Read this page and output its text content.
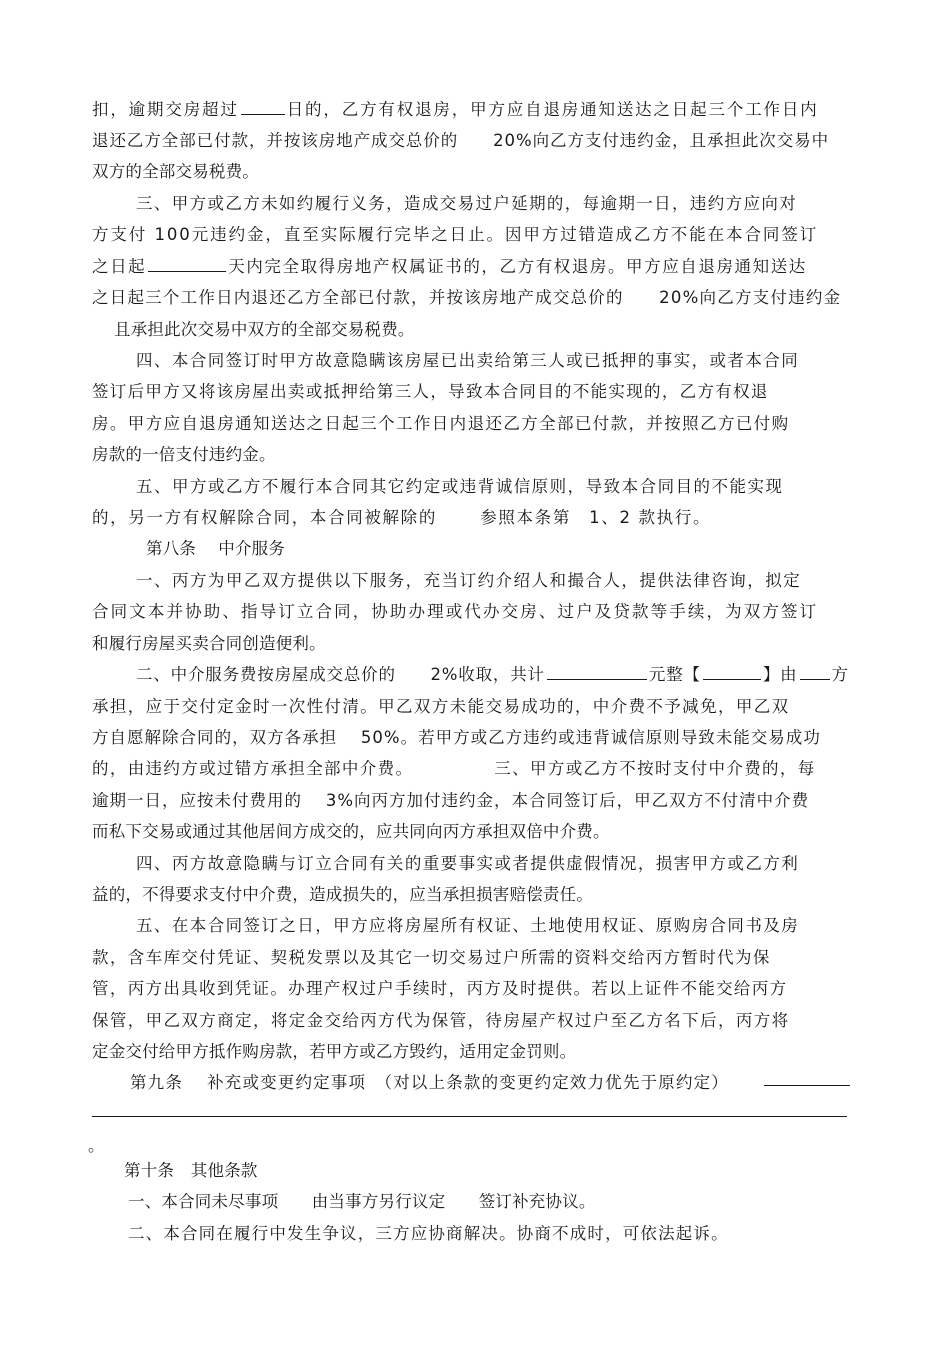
扣，逾期交房超过	日的，乙方有权退房，甲方应自退房通知送达之日起三个工作日内
退还乙方全部已付款，并按该房地产成交总价的　　20%向乙方支付违约金，且承担此次交易中
双方的全部交易税费。
三、甲方或乙方未如约履行义务，造成交易过户延期的，每逾期一日，违约方应向对
方支付 100元违约金，直至实际履行完毕之日止。因甲方过错造成乙方不能在本合同签订
之日起	天内完全取得房地产权属证书的，乙方有权退房。甲方应自退房通知送达
之日起三个工作日内退还乙方全部已付款，并按该房地产成交总价的　　20%向乙方支付违约金
且承担此次交易中双方的全部交易税费。
四、本合同签订时甲方故意隐瞒该房屋已出卖给第三人或已抵押的事实，或者本合同
签订后甲方又将该房屋出卖或抵押给第三人，导致本合同目的不能实现的，乙方有权退
房。甲方应自退房通知送达之日起三个工作日内退还乙方全部已付款，并按照乙方已付购
房款的一倍支付违约金。
五、甲方或乙方不履行本合同其它约定或违背诚信原则，导致本合同目的不能实现
的，另一方有权解除合同，本合同被解除的　　 参照本条第　1、2 款执行。
第八条　 中介服务
一、丙方为甲乙双方提供以下服务，充当订约介绍人和撮合人，提供法律咨询，拟定
合同文本并协助、指导订立合同，协助办理或代办交房、过户及贷款等手续，为双方签订
和履行房屋买卖合同创造便利。
二、中介服务费按房屋成交总价的　　2%收取，共计	元整【	】由 方
承担，应于交付定金时一次性付清。甲乙双方未能交易成功的，中介费不予减免，甲乙双
方自愿解除合同的，双方各承担　 50%。若甲方或乙方违约或违背诚信原则导致未能交易成功
的，由违约方或过错方承担全部中介费。　　　　　三、甲方或乙方不按时支付中介费的，每
逾期一日，应按未付费用的　 3%向丙方加付违约金，本合同签订后，甲乙双方不付清中介费
而私下交易或通过其他居间方成交的，应共同向丙方承担双倍中介费。
四、丙方故意隐瞒与订立合同有关的重要事实或者提供虚假情况，损害甲方或乙方利
益的，不得要求支付中介费，造成损失的，应当承担损害赔偿责任。
五、在本合同签订之日，甲方应将房屋所有权证、土地使用权证、原购房合同书及房
款，含车库交付凭证、契税发票以及其它一切交易过户所需的资料交给丙方暂时代为保
管，丙方出具收到凭证。办理产权过户手续时，丙方及时提供。若以上证件不能交给丙方
保管，甲乙双方商定，将定金交给丙方代为保管，待房屋产权过户至乙方名下后，丙方将
定金交付给甲方抵作购房款，若甲方或乙方毁约，适用定金罚则。
第九条　 补充或变更约定事项　（对以上条款的变更约定效力优先于原约定）
。
第十条　其他条款
一、本合同未尽事项　　由当事方另行议定　　签订补充协议。
二、本合同在履行中发生争议，三方应协商解决。协商不成时，可依法起诉。
